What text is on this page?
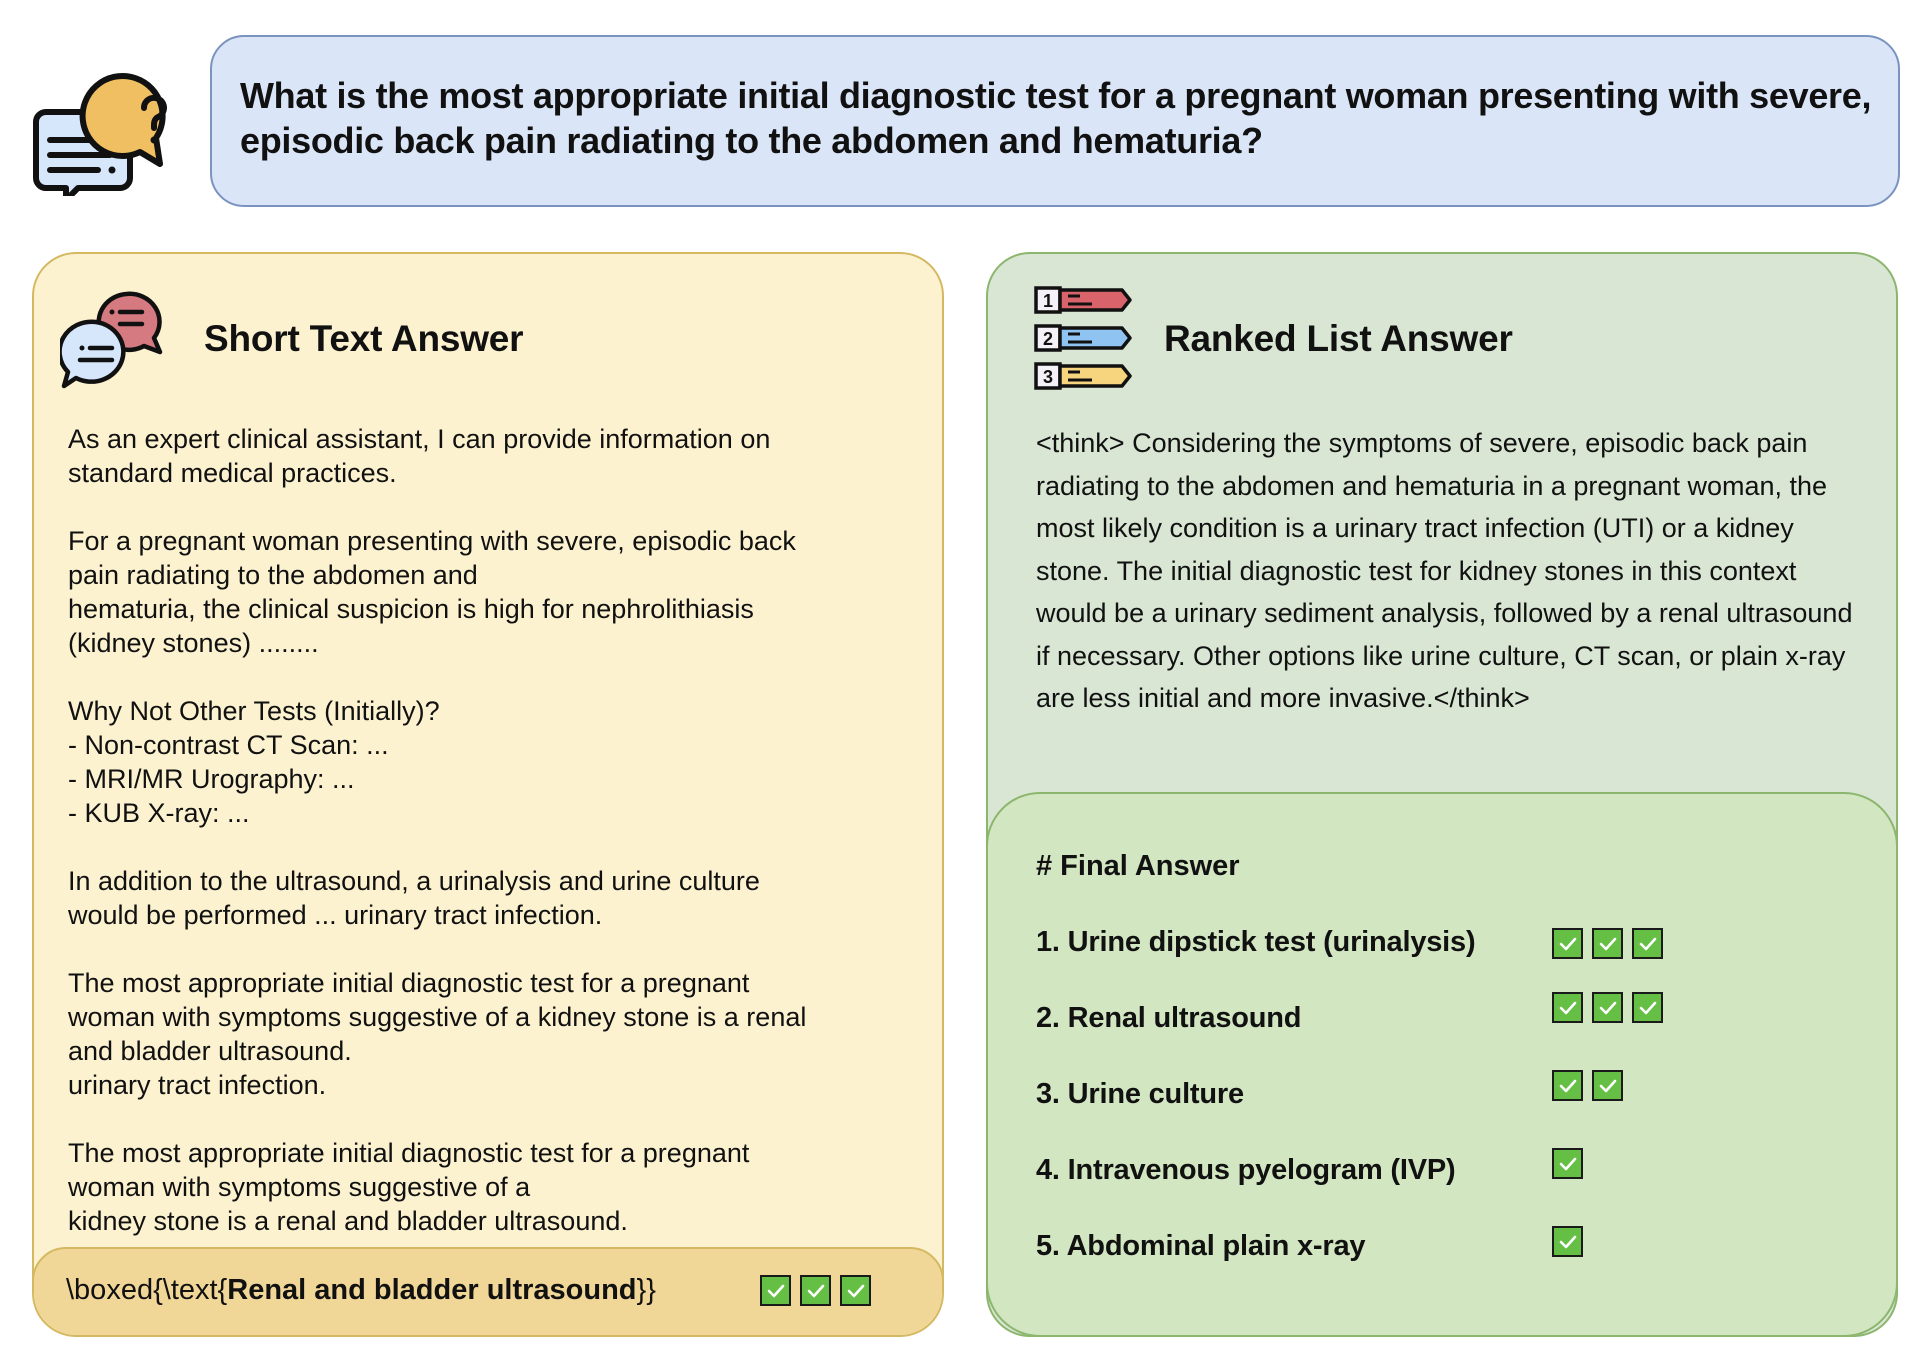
What is the most appropriate initial diagnostic test for a pregnant woman presenting with severe, episodic back pain radiating to the abdomen and hematuria?
Short Text Answer

As an expert clinical assistant, I can provide information on
standard medical practices.

For a pregnant woman presenting with severe, episodic back
pain radiating to the abdomen and
hematuria, the clinical suspicion is high for nephrolithiasis
(kidney stones) ........

Why Not Other Tests (Initially)?
- Non-contrast CT Scan: ...
- MRI/MR Urography: ...
- KUB X-ray: ...

In addition to the ultrasound, a urinalysis and urine culture
would be performed ... urinary tract infection.

The most appropriate initial diagnostic test for a pregnant
woman with symptoms suggestive of a kidney stone is a renal
and bladder ultrasound.
urinary tract infection.

The most appropriate initial diagnostic test for a pregnant
woman with symptoms suggestive of a
kidney stone is a renal and bladder ultrasound.

\boxed{\text{Renal and bladder ultrasound}}
1
2
3
Ranked List Answer
<think> Considering the symptoms of severe, episodic back pain radiating to the abdomen and hematuria in a pregnant woman, the most likely condition is a urinary tract infection (UTI) or a kidney stone. The initial diagnostic test for kidney stones in this context would be a urinary sediment analysis, followed by a renal ultrasound if necessary. Other options like urine culture, CT scan, or plain x-ray are less initial and more invasive.</think>
# Final Answer
1. Urine dipstick test (urinalysis)
2. Renal ultrasound
3. Urine culture
4. Intravenous pyelogram (IVP)
5. Abdominal plain x-ray
